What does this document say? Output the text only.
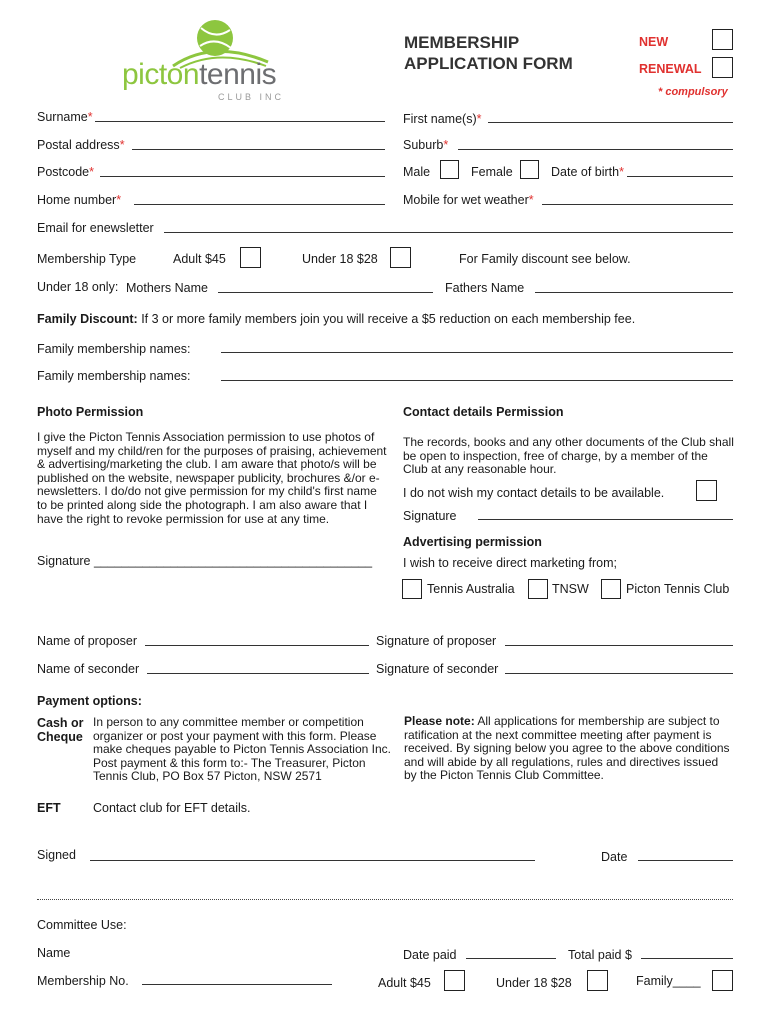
pictontennis
CLUB INC
MEMBERSHIP
APPLICATION FORM
NEW
RENEWAL
* compulsory
Surname*	First name(s)*
Postal address*	Suburb*
Postcode*	Male	Female	Date of birth*
Home number*	Mobile for wet weather*
Email for enewsletter
Membership Type	Adult $45	Under 18 $28	For Family discount see below.
Under 18 only: Mothers Name	Fathers Name
Family Discount: If 3 or more family members join you will receive a $5 reduction on each membership fee.
Family membership names:
Family membership names:
Photo Permission
I give the Picton Tennis Association permission to use photos of myself and my child/ren for the purposes of praising, achievement & advertising/marketing the club. I am aware that photo/s will be published on the website, newspaper publicity, brochures &/or e-newsletters. I do/do not give permission for my child's first name to be printed along side the photograph. I am also aware that I have the right to revoke permission for use at any time.
Signature ________________________________________
Contact details Permission
The records, books and any other documents of the Club shall be open to inspection, free of charge, by a member of the Club at any reasonable hour.
I do not wish my contact details to be available.
Signature
Advertising permission
I wish to receive direct marketing from;
Tennis Australia	TNSW	Picton Tennis Club
Name of proposer	Signature of proposer
Name of seconder	Signature of seconder
Payment options:
Cash or
Cheque
In person to any committee member or competition organizer or post your payment with this form. Please make cheques payable to Picton Tennis Association Inc. Post payment & this form to:- The Treasurer, Picton Tennis Club, PO Box 57 Picton, NSW 2571
EFT	Contact club for EFT details.
Please note: All applications for membership are subject to ratification at the next committee meeting after payment is received. By signing below you agree to the above conditions and will abide by all regulations, rules and directives issued by the Picton Tennis Club Committee.
Signed	Date
Committee Use:
Name	Date paid	Total paid $
Membership No.	Adult $45	Under 18 $28	Family____
